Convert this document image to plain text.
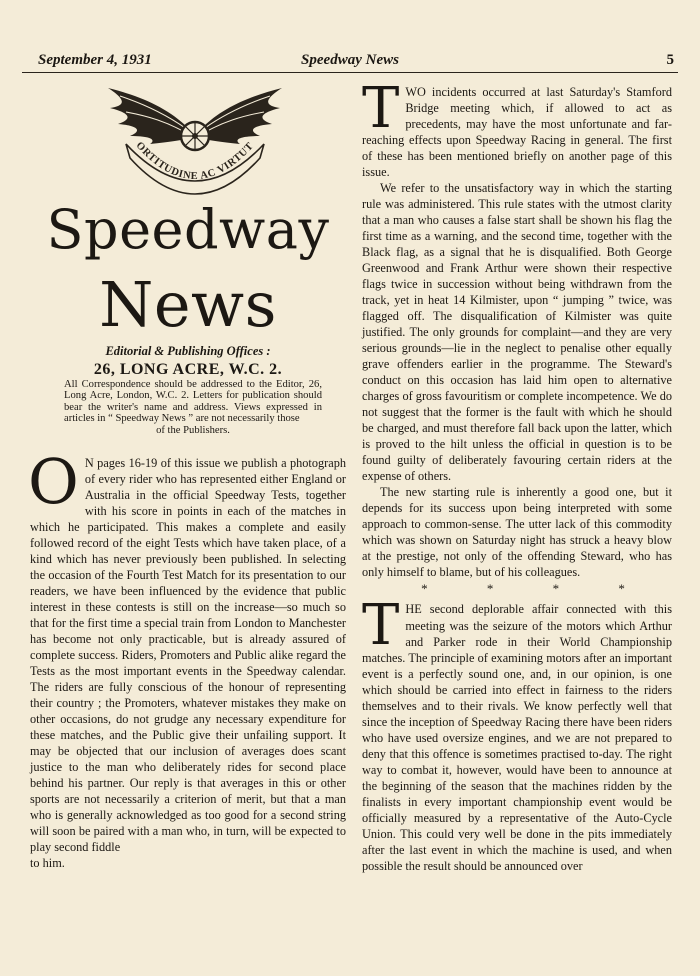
September 4, 1931	Speedway News	5
ORTITUDINE AC VIRTUT
Speedway
News
Editorial & Publishing Offices :
26, LONG ACRE, W.C. 2.
All Correspondence should be addressed to the Editor, 26, Long Acre, London, W.C. 2. Letters for publication should bear the writer's name and address. Views expressed in articles in “ Speedway News ” are not necessarily those
of the Publishers.
O N pages 16-19 of this issue we publish a photograph of every rider who has represented either England or Australia in the official Speedway Tests, together with his score in points in each of the matches in which he participated. This makes a complete and easily followed record of the eight Tests which have taken place, of a kind which has never previously been published. In selecting the occasion of the Fourth Test Match for its presentation to our readers, we have been influenced by the evidence that public interest in these contests is still on the increase—so much so that for the first time a special train from London to Manchester has become not only practicable, but is already assured of complete success. Riders, Promoters and Public alike regard the Tests as the most important events in the Speedway calendar. The riders are fully conscious of the honour of representing their country ; the Promoters, whatever mistakes they make on other occasions, do not grudge any necessary expenditure for these matches, and the Public give their unfailing support. It may be objected that our inclusion of averages does scant justice to the man who deliberately rides for second place behind his partner. Our reply is that averages in this or other sports are not necessarily a criterion of merit, but that a man who is generally acknowledged as too good for a second string will soon be paired with a man who, in turn, will be expected to play second fiddle
to him.

TWO incidents occurred at last Saturday's Stamford Bridge meeting which, if allowed to act as precedents, may have the most unfortunate and far-reaching effects upon Speedway Racing in general. The first of these has been mentioned briefly on another page of this issue.

We refer to the unsatisfactory way in which the starting rule was administered. This rule states with the utmost clarity that a man who causes a false start shall be shown his flag the first time as a warning, and the second time, together with the Black flag, as a signal that he is disqualified. Both George Greenwood and Frank Arthur were shown their respective flags twice in succession without being withdrawn from the track, yet in heat 14 Kilmister, upon “ jumping ” twice, was flagged off. The disqualification of Kilmister was quite justified. The only grounds for complaint—and they are very serious grounds—lie in the neglect to penalise other equally grave offenders earlier in the programme. The Steward's conduct on this occasion has laid him open to alternative charges of gross favouritism or complete incompetence. We do not suggest that the former is the fault with which he should be charged, and must therefore fall back upon the latter, which is proved to the hilt unless the official in question is to be found guilty of deliberately favouring certain riders at the expense of others.

The new starting rule is inherently a good one, but it depends for its success upon being interpreted with some approach to common-sense. The utter lack of this commodity which was shown on Saturday night has struck a heavy blow at the prestige, not only of the offending Steward, who has only himself to blame, but of his colleagues.

* * * *

THE second deplorable affair connected with this meeting was the seizure of the motors which Arthur and Parker rode in their World Championship matches. The principle of examining motors after an important event is a perfectly sound one, and, in our opinion, is one which should be carried into effect in fairness to the riders themselves and to their rivals. We know perfectly well that since the inception of Speedway Racing there have been riders who have used oversize engines, and we are not prepared to deny that this offence is sometimes practised to-day. The right way to combat it, however, would have been to announce at the beginning of the season that the machines ridden by the finalists in every important championship event would be officially measured by a representative of the Auto-Cycle Union. This could very well be done in the pits immediately after the last event in which the machine is used, and when possible the result should be announced over
